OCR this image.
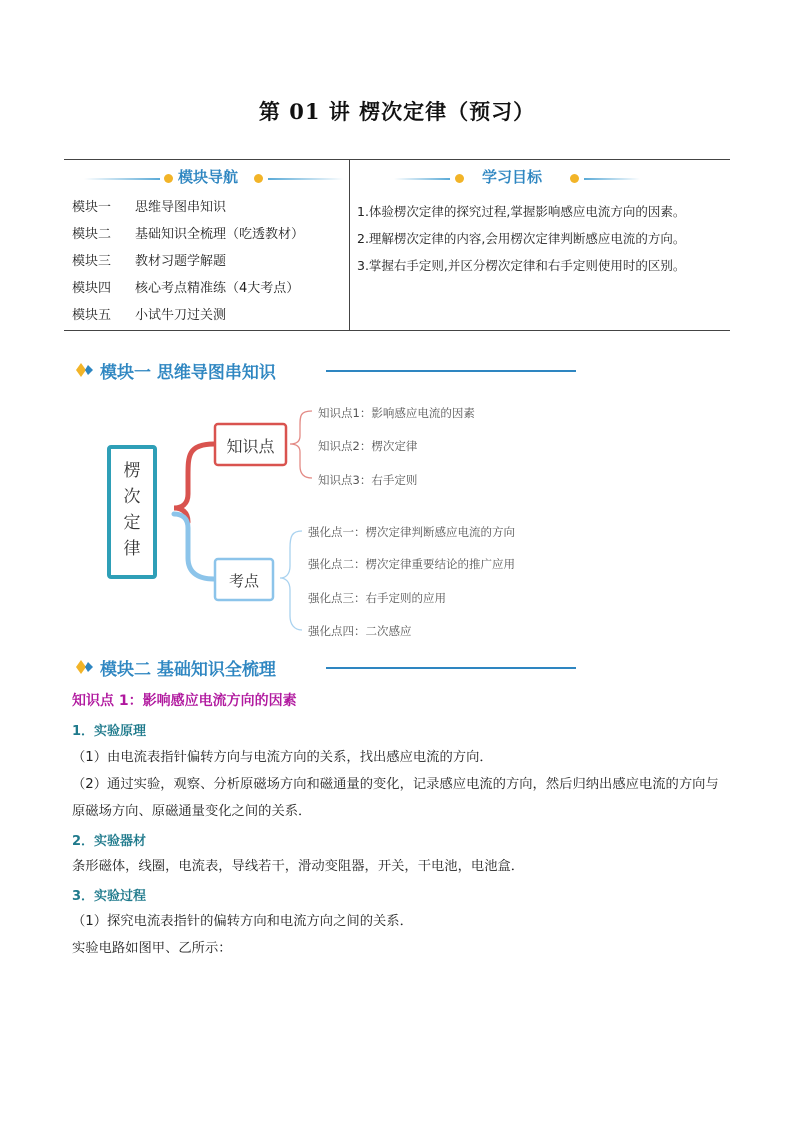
第 01 讲 楞次定律（预习）
模块导航
模块一 思维导图串知识
模块二 基础知识全梳理（吃透教材）
模块三 教材习题学解题
模块四 核心考点精准练（4大考点）
模块五 小试牛刀过关测
学习目标
1.体验楞次定律的探究过程,掌握影响感应电流方向的因素。
2.理解楞次定律的内容,会用楞次定律判断感应电流的方向。
3.掌握右手定则,并区分楞次定律和右手定则使用时的区别。
模块一 思维导图串知识
楞
次
定
律
知识点
考点
知识点1：影响感应电流的因素
知识点2：楞次定律
知识点3：右手定则
强化点一：楞次定律判断感应电流的方向
强化点二：楞次定律重要结论的推广应用
强化点三：右手定则的应用
强化点四：二次感应
模块二 基础知识全梳理
知识点 1：影响感应电流方向的因素
1．实验原理
（1）由电流表指针偏转方向与电流方向的关系，找出感应电流的方向．
（2）通过实验，观察、分析原磁场方向和磁通量的变化，记录感应电流的方向，然后归纳出感应电流的方向与原磁场方向、原磁通量变化之间的关系．
2．实验器材
条形磁体，线圈，电流表，导线若干，滑动变阻器，开关，干电池，电池盒．
3．实验过程
（1）探究电流表指针的偏转方向和电流方向之间的关系．
实验电路如图甲、乙所示：
